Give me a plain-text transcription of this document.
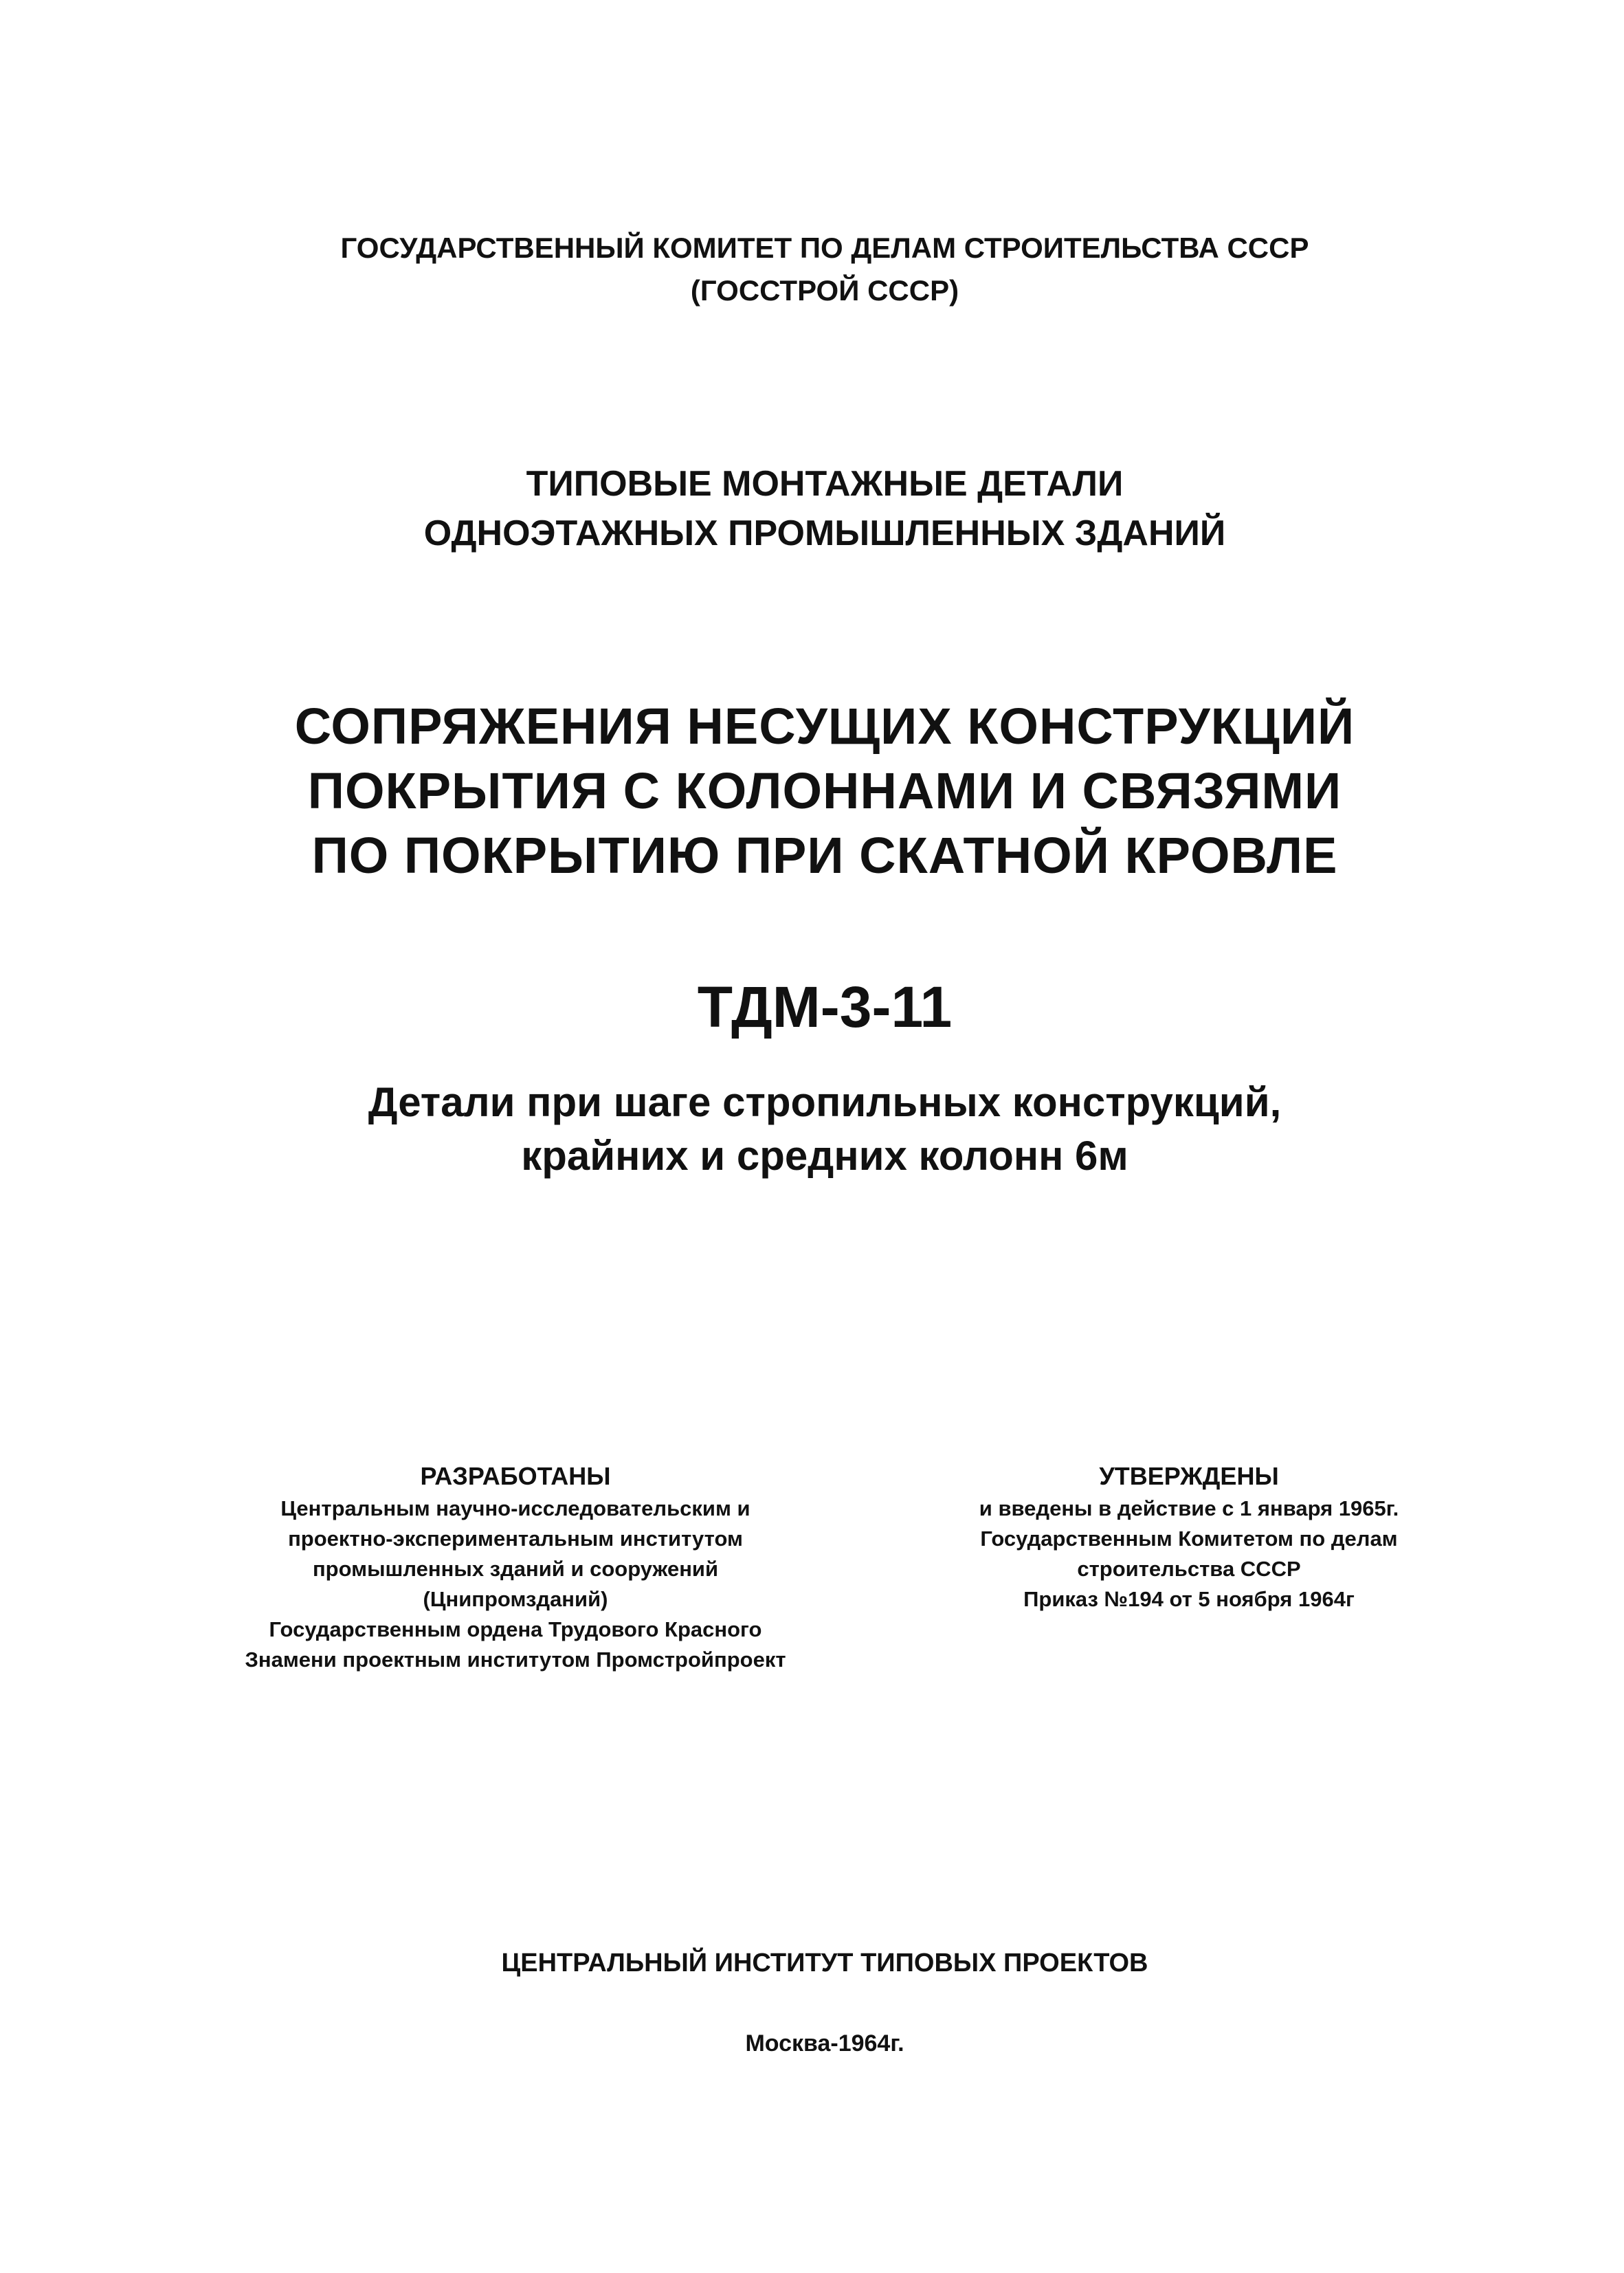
ГОСУДАРСТВЕННЫЙ КОМИТЕТ ПО ДЕЛАМ СТРОИТЕЛЬСТВА СССР
(ГОССТРОЙ СССР)
ТИПОВЫЕ МОНТАЖНЫЕ ДЕТАЛИ
ОДНОЭТАЖНЫХ ПРОМЫШЛЕННЫХ ЗДАНИЙ
СОПРЯЖЕНИЯ НЕСУЩИХ КОНСТРУКЦИЙ
ПОКРЫТИЯ С КОЛОННАМИ И СВЯЗЯМИ
ПО ПОКРЫТИЮ ПРИ СКАТНОЙ КРОВЛЕ
ТДМ-3-11
Детали при шаге стропильных конструкций,
крайних и средних колонн 6м
РАЗРАБОТАНЫ
Центральным научно-исследовательским и
проектно-экспериментальным институтом
промышленных зданий и сооружений
(Цнипромзданий)
Государственным ордена Трудового Красного
Знамени проектным институтом Промстройпроект
УТВЕРЖДЕНЫ
и введены в действие с 1 января 1965г.
Государственным Комитетом по делам
строительства СССР
Приказ №194 от 5 ноября 1964г
ЦЕНТРАЛЬНЫЙ ИНСТИТУТ ТИПОВЫХ ПРОЕКТОВ
Москва-1964г.
